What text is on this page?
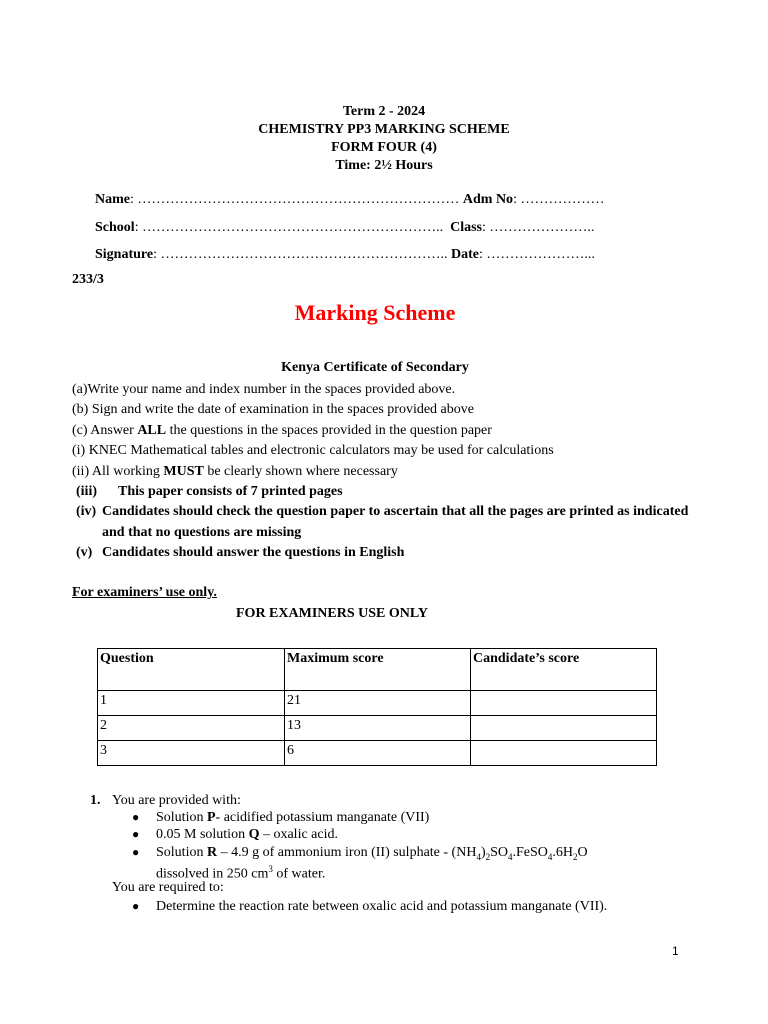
Term 2 - 2024
CHEMISTRY PP3 MARKING SCHEME
FORM FOUR (4)
Time: 2½ Hours
Name: …………………………………………………………… Adm No: ………………
School: ……………………………………………………….. Class: …………………..
Signature: …………………………………………………….. Date: …………………...
233/3
Marking Scheme
Kenya Certificate of Secondary
(a)Write your name and index number in the spaces provided above.
(b) Sign and write the date of examination in the spaces provided above
(c) Answer ALL the questions in the spaces provided in the question paper
(i) KNEC Mathematical tables and electronic calculators may be used for calculations
(ii) All working MUST be clearly shown where necessary
(iii)	This paper consists of 7 printed pages
(iv) Candidates should check the question paper to ascertain that all the pages are printed as indicated and that no questions are missing
(v) Candidates should answer the questions in English
For examiners’ use only.
FOR EXAMINERS USE ONLY
Question	Maximum score	Candidate’s score
1	21	
2	13	
3	6	
1. You are provided with:
● Solution P- acidified potassium manganate (VII)
● 0.05 M solution Q – oxalic acid.
● Solution R – 4.9 g of ammonium iron (II) sulphate - $(NH_4)_2SO_4.FeSO_4.6H_2O$
dissolved in 250 $cm^3$ of water.
You are required to:
● Determine the reaction rate between oxalic acid and potassium manganate (VII).
1
